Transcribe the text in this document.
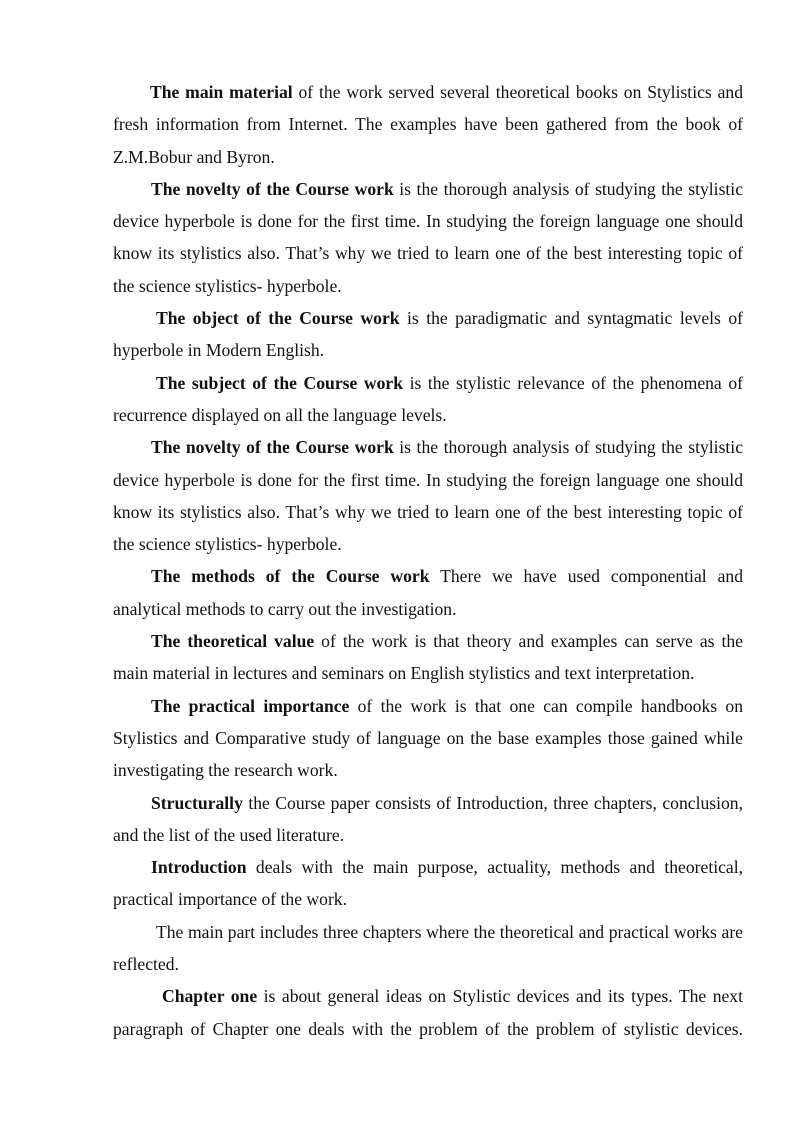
The main material of the work served several theoretical books on Stylistics and fresh information from Internet. The examples have been gathered from the book of Z.M.Bobur and Byron.

The novelty of the Course work is the thorough analysis of studying the stylistic device hyperbole is done for the first time. In studying the foreign language one should know its stylistics also. That’s why we tried to learn one of the best interesting topic of the science stylistics- hyperbole.

The object of the Course work is the paradigmatic and syntagmatic levels of hyperbole in Modern English.

The subject of the Course work is the stylistic relevance of the phenomena of recurrence displayed on all the language levels.

The novelty of the Course work is the thorough analysis of studying the stylistic device hyperbole is done for the first time. In studying the foreign language one should know its stylistics also. That’s why we tried to learn one of the best interesting topic of the science stylistics- hyperbole.

The methods of the Course work There we have used componential and analytical methods to carry out the investigation.

The theoretical value of the work is that theory and examples can serve as the main material in lectures and seminars on English stylistics and text interpretation.

The practical importance of the work is that one can compile handbooks on Stylistics and Comparative study of language on the base examples those gained while investigating the research work.

Structurally the Course paper consists of Introduction, three chapters, conclusion, and the list of the used literature.

Introduction deals with the main purpose, actuality, methods and theoretical, practical importance of the work.

The main part includes three chapters where the theoretical and practical works are reflected.

Chapter one is about general ideas on Stylistic devices and its types. The next paragraph of Chapter one deals with the problem of the problem of stylistic devices.
